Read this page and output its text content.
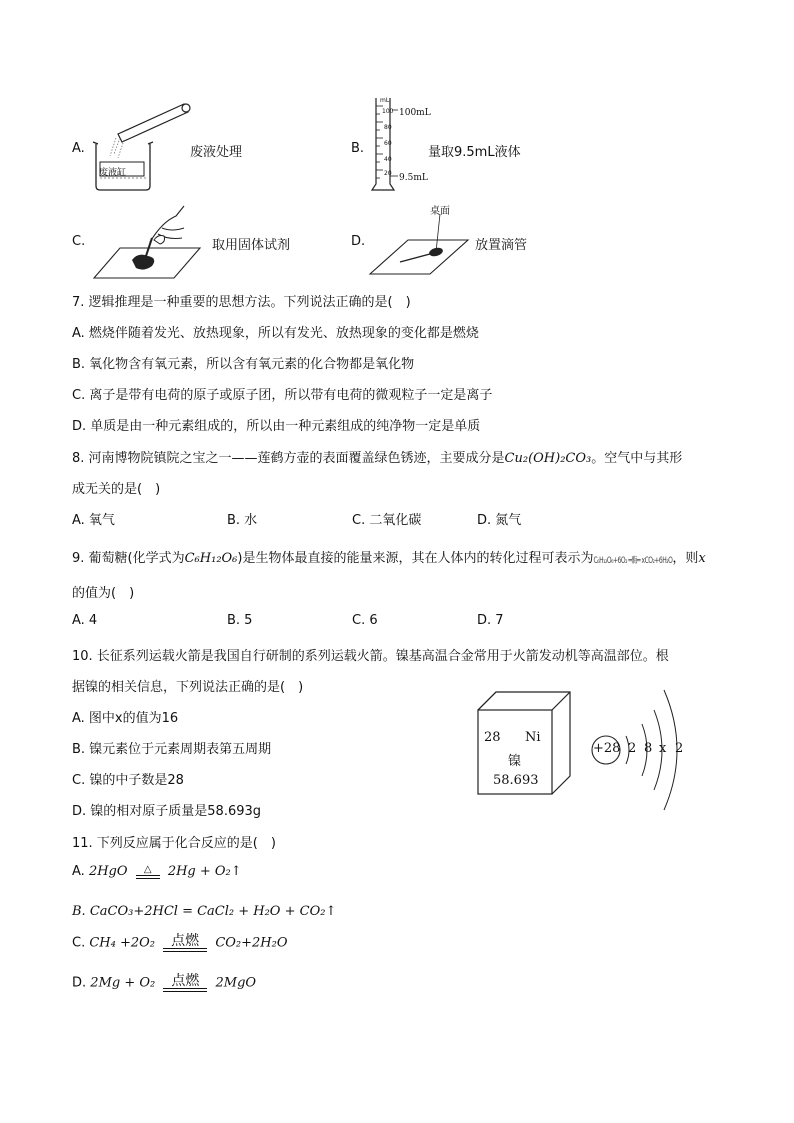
A.
废液缸
废液处理	B.
mL
100
80
60
40
20
100mL
9.5mL
量取9.5mL液体
C.	取用固体试剂	D.
桌面
放置滴管
7. 逻辑推理是一种重要的思想方法。下列说法正确的是(　)
A. 燃烧伴随着发光、放热现象，所以有发光、放热现象的变化都是燃烧
B. 氧化物含有氧元素，所以含有氧元素的化合物都是氧化物
C. 离子是带有电荷的原子或原子团，所以带有电荷的微观粒子一定是离子
D. 单质是由一种元素组成的，所以由一种元素组成的纯净物一定是单质
8. 河南博物院镇院之宝之一——莲鹤方壶的表面覆盖绿色锈迹，主要成分是Cu₂(OH)₂CO₃。空气中与其形
成无关的是(　)
A. 氧气	B. 水	C. 二氧化碳	D. 氮气
9. 葡萄糖(化学式为C₆H₁₂O₆)是生物体最直接的能量来源，其在人体内的转化过程可表示为C₆H₁₂O₆+6O₂ ═酶═ xCO₂+6H₂O，则x
的值为(　)
A. 4	B. 5	C. 6	D. 7
10. 长征系列运载火箭是我国自行研制的系列运载火箭。镍基高温合金常用于火箭发动机等高温部位。根
据镍的相关信息，下列说法正确的是(　)
A. 图中x的值为16
B. 镍元素位于元素周期表第五周期
C. 镍的中子数是28
D. 镍的相对原子质量是58.693g
28 Ni
镍
58.693
+28 2 8 x 2
11. 下列反应属于化合反应的是(　)
A. 2HgO	△	2Hg + O₂↑
B. CaCO₃+2HCl = CaCl₂ + H₂O + CO₂↑
C. CH₄ +2O₂	点燃	CO₂+2H₂O
D. 2Mg + O₂	点燃	2MgO
